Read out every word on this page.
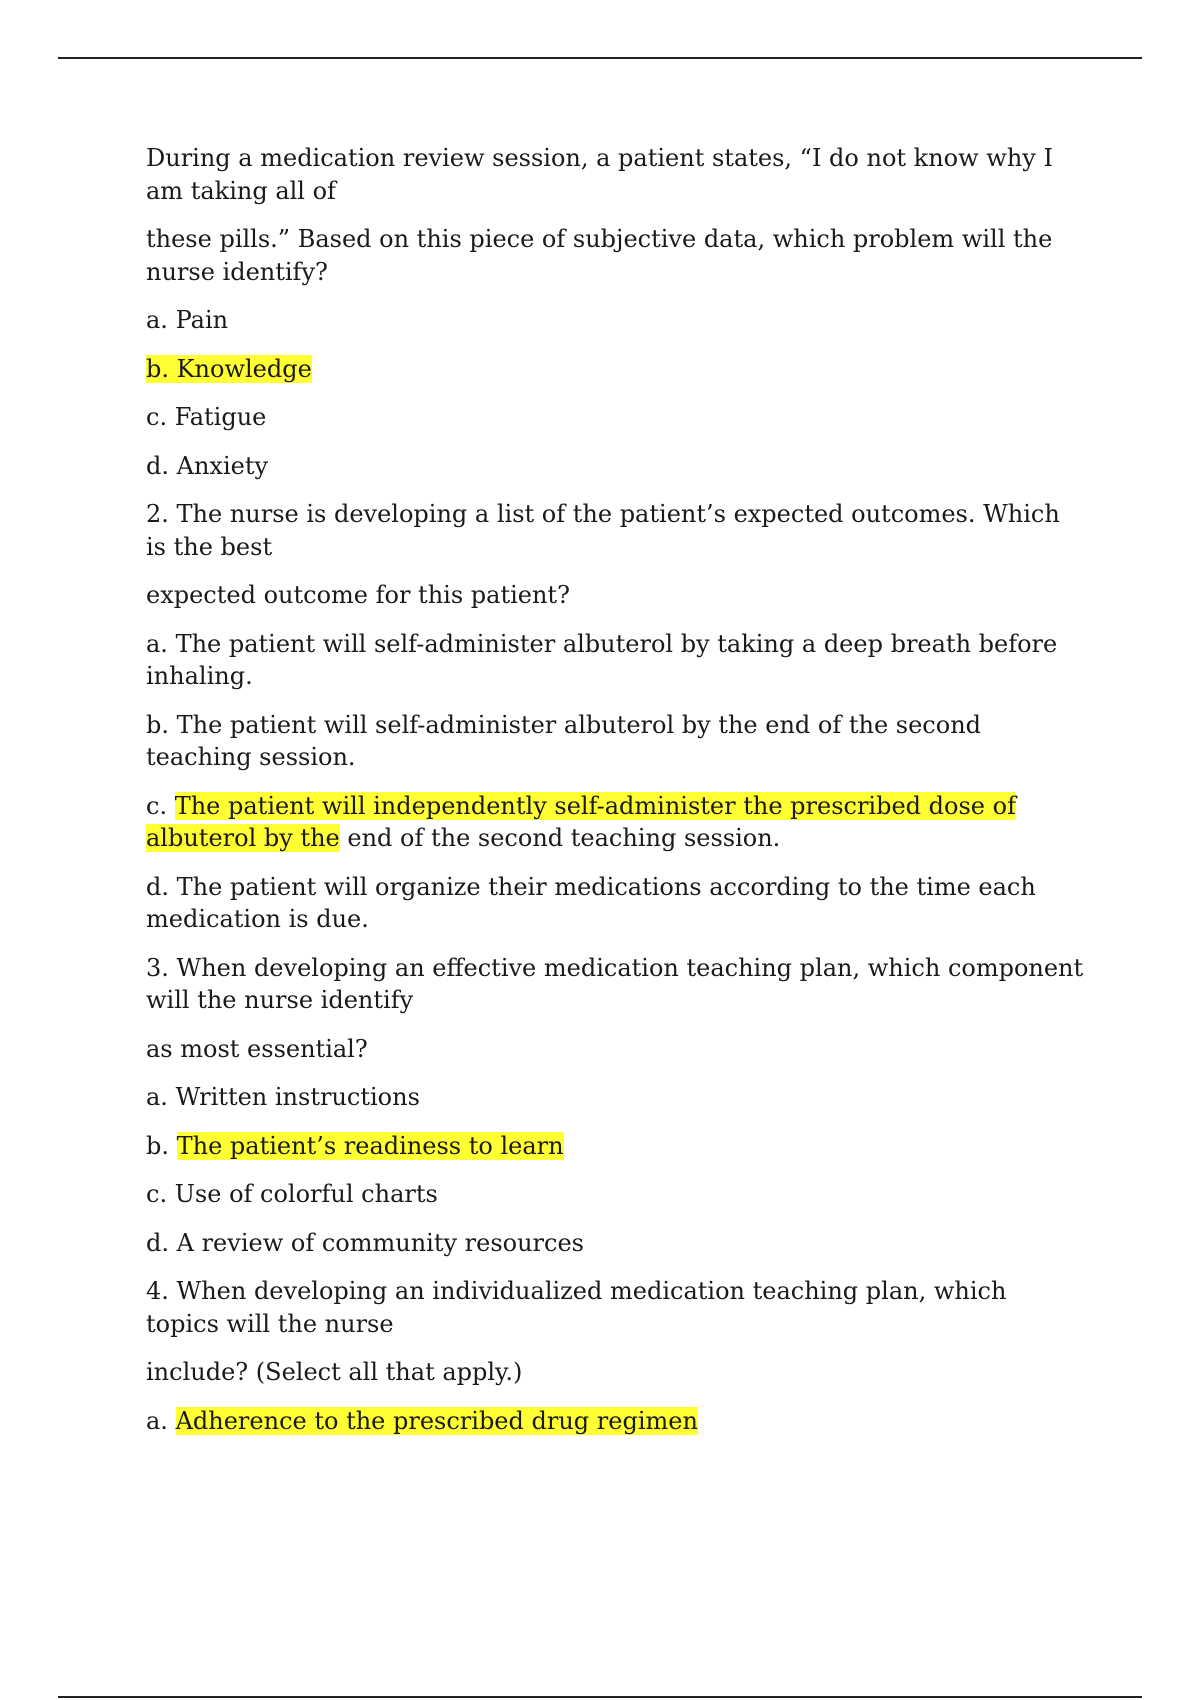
During a medication review session, a patient states, “I do not know why I am taking all of

these pills.” Based on this piece of subjective data, which problem will the nurse identify?

a. Pain

b. Knowledge

c. Fatigue

d. Anxiety

2. The nurse is developing a list of the patient’s expected outcomes. Which is the best

expected outcome for this patient?

a. The patient will self-administer albuterol by taking a deep breath before inhaling.

b. The patient will self-administer albuterol by the end of the second teaching session.

c. The patient will independently self-administer the prescribed dose of albuterol by the end of the second teaching session.

d. The patient will organize their medications according to the time each medication is due.

3. When developing an effective medication teaching plan, which component will the nurse identify

as most essential?

a. Written instructions

b. The patient’s readiness to learn

c. Use of colorful charts

d. A review of community resources

4. When developing an individualized medication teaching plan, which topics will the nurse

include? (Select all that apply.)

a. Adherence to the prescribed drug regimen
